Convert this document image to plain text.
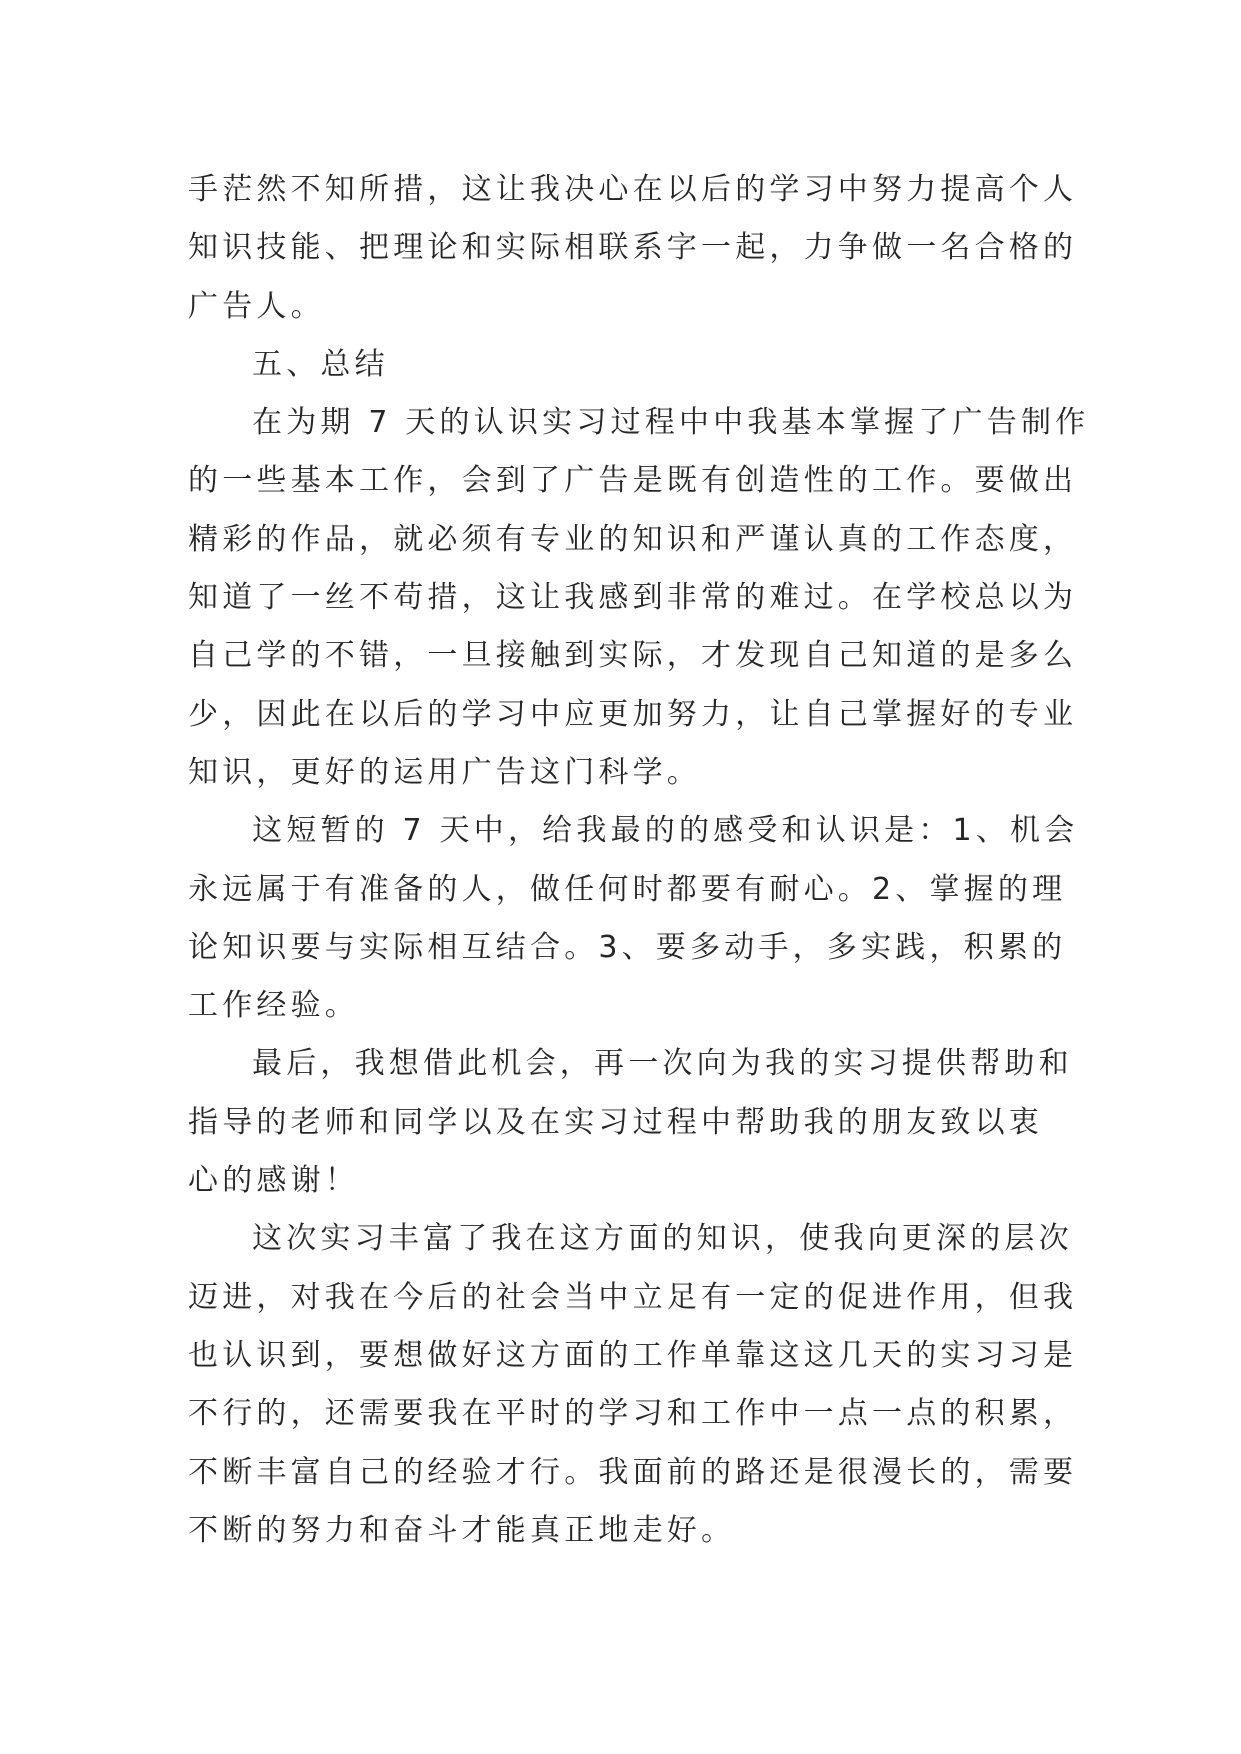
手茫然不知所措，这让我决心在以后的学习中努力提高个人
知识技能、把理论和实际相联系字一起，力争做一名合格的
广告人。
五、总结
在为期 7 天的认识实习过程中中我基本掌握了广告制作
的一些基本工作，会到了广告是既有创造性的工作。要做出
精彩的作品，就必须有专业的知识和严谨认真的工作态度，
知道了一丝不苟措，这让我感到非常的难过。在学校总以为
自己学的不错，一旦接触到实际，才发现自己知道的是多么
少，因此在以后的学习中应更加努力，让自己掌握好的专业
知识，更好的运用广告这门科学。
这短暂的 7 天中，给我最的的感受和认识是：1、机会
永远属于有准备的人，做任何时都要有耐心。2、掌握的理
论知识要与实际相互结合。3、要多动手，多实践，积累的
工作经验。
最后，我想借此机会，再一次向为我的实习提供帮助和
指导的老师和同学以及在实习过程中帮助我的朋友致以衷
心的感谢！
这次实习丰富了我在这方面的知识，使我向更深的层次
迈进，对我在今后的社会当中立足有一定的促进作用，但我
也认识到，要想做好这方面的工作单靠这这几天的实习习是
不行的，还需要我在平时的学习和工作中一点一点的积累，
不断丰富自己的经验才行。我面前的路还是很漫长的，需要
不断的努力和奋斗才能真正地走好。
